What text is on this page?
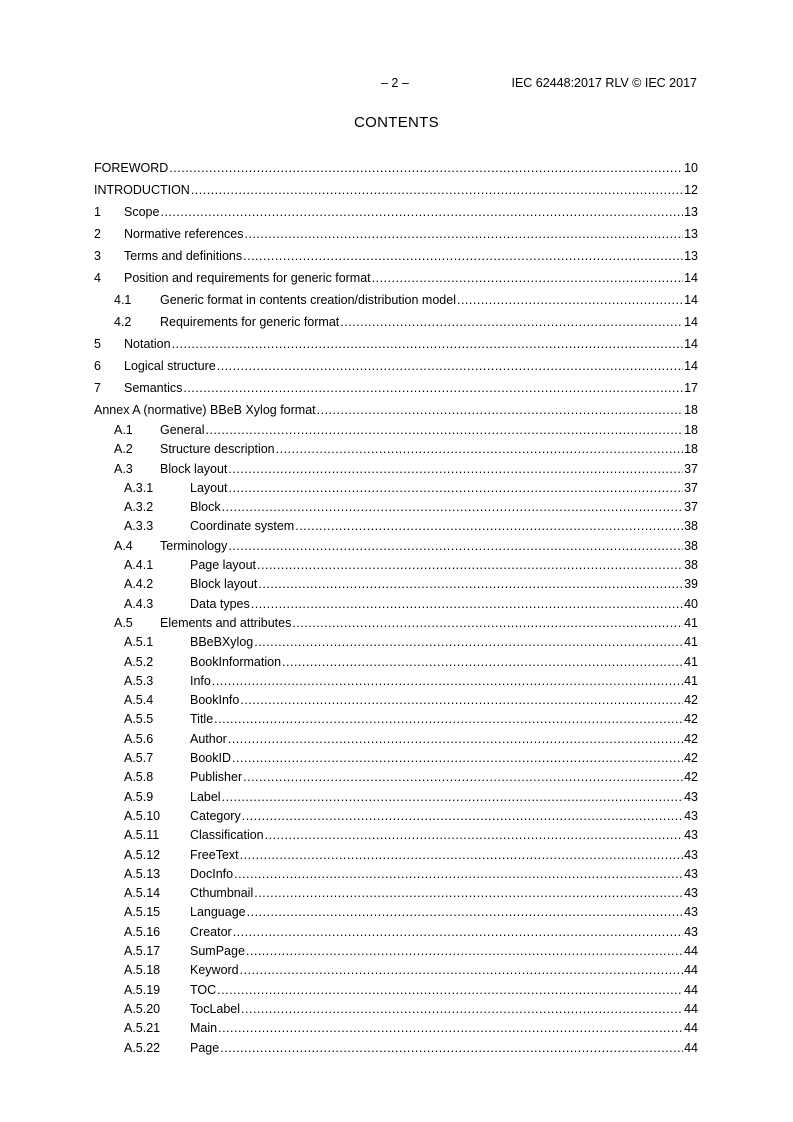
– 2 –	IEC 62448:2017 RLV © IEC 2017
CONTENTS
FOREWORD .....	10
INTRODUCTION .....	12
1	Scope .....	13
2	Normative references .....	13
3	Terms and definitions .....	13
4	Position and requirements for generic format .....	14
4.1	Generic format in contents creation/distribution model .....	14
4.2	Requirements for generic format .....	14
5	Notation .....	14
6	Logical structure .....	14
7	Semantics .....	17
Annex A (normative) BBeB Xylog format .....	18
A.1	General .....	18
A.2	Structure description .....	18
A.3	Block layout .....	37
A.3.1	Layout .....	37
A.3.2	Block .....	37
A.3.3	Coordinate system .....	38
A.4	Terminology .....	38
A.4.1	Page layout .....	38
A.4.2	Block layout .....	39
A.4.3	Data types .....	40
A.5	Elements and attributes .....	41
A.5.1	BBeBXylog .....	41
A.5.2	BookInformation .....	41
A.5.3	Info .....	41
A.5.4	BookInfo .....	42
A.5.5	Title .....	42
A.5.6	Author .....	42
A.5.7	BookID .....	42
A.5.8	Publisher .....	42
A.5.9	Label .....	43
A.5.10	Category .....	43
A.5.11	Classification .....	43
A.5.12	FreeText .....	43
A.5.13	DocInfo .....	43
A.5.14	Cthumbnail .....	43
A.5.15	Language .....	43
A.5.16	Creator .....	43
A.5.17	SumPage .....	44
A.5.18	Keyword .....	44
A.5.19	TOC .....	44
A.5.20	TocLabel .....	44
A.5.21	Main .....	44
A.5.22	Page .....	44
